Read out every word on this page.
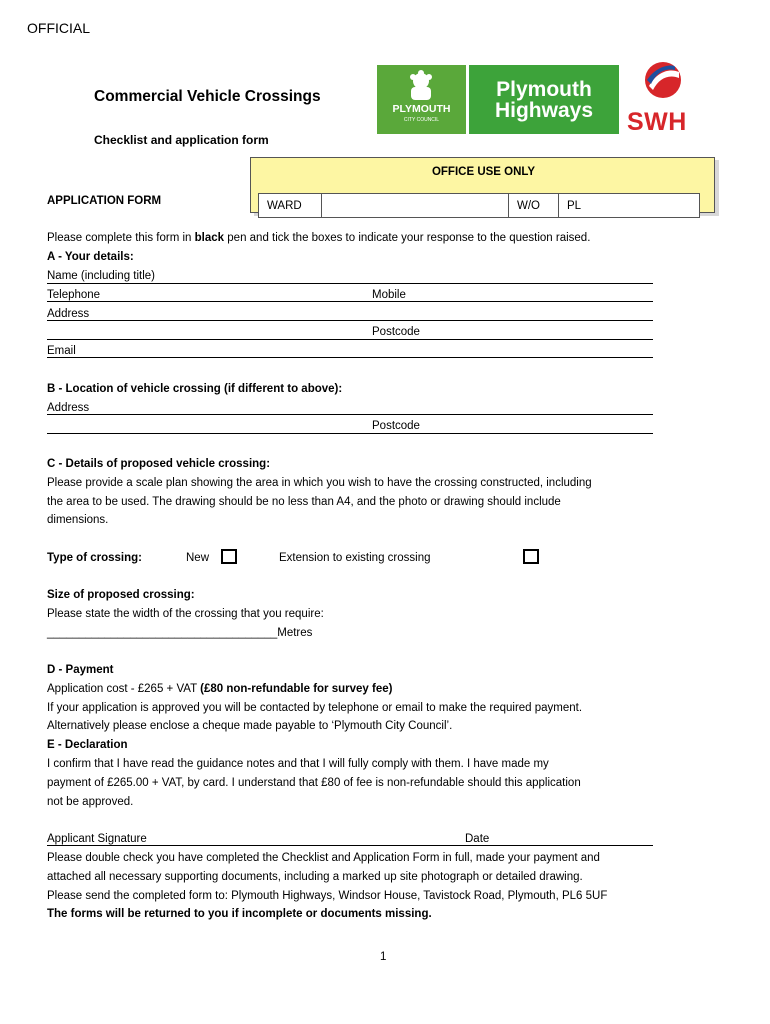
OFFICIAL
Commercial Vehicle Crossings
Checklist and application form
PLYMOUTH
CITY COUNCIL
Plymouth
Highways	SWH
OFFICE USE ONLY
WARD	W/O	PL
APPLICATION FORM
Please complete this form in black pen and tick the boxes to indicate your response to the question raised.
A - Your details:
Name (including title)
Telephone	Mobile
Address
Postcode
Email
B - Location of vehicle crossing (if different to above):
Address
Postcode
C - Details of proposed vehicle crossing:
Please provide a scale plan showing the area in which you wish to have the crossing constructed, including
the area to be used. The drawing should be no less than A4, and the photo or drawing should include
dimensions.
Type of crossing:	New	Extension to existing crossing
Size of proposed crossing:
Please state the width of the crossing that you require:
____________________________________Metres
D - Payment
Application cost - £265 + VAT (£80 non-refundable for survey fee)
If your application is approved you will be contacted by telephone or email to make the required payment.
Alternatively please enclose a cheque made payable to ‘Plymouth City Council’.
E - Declaration
I confirm that I have read the guidance notes and that I will fully comply with them. I have made my
payment of £265.00 + VAT, by card. I understand that £80 of fee is non-refundable should this application
not be approved.
Applicant Signature	Date
Please double check you have completed the Checklist and Application Form in full, made your payment and
attached all necessary supporting documents, including a marked up site photograph or detailed drawing.
Please send the completed form to: Plymouth Highways, Windsor House, Tavistock Road, Plymouth, PL6 5UF
The forms will be returned to you if incomplete or documents missing.
1
